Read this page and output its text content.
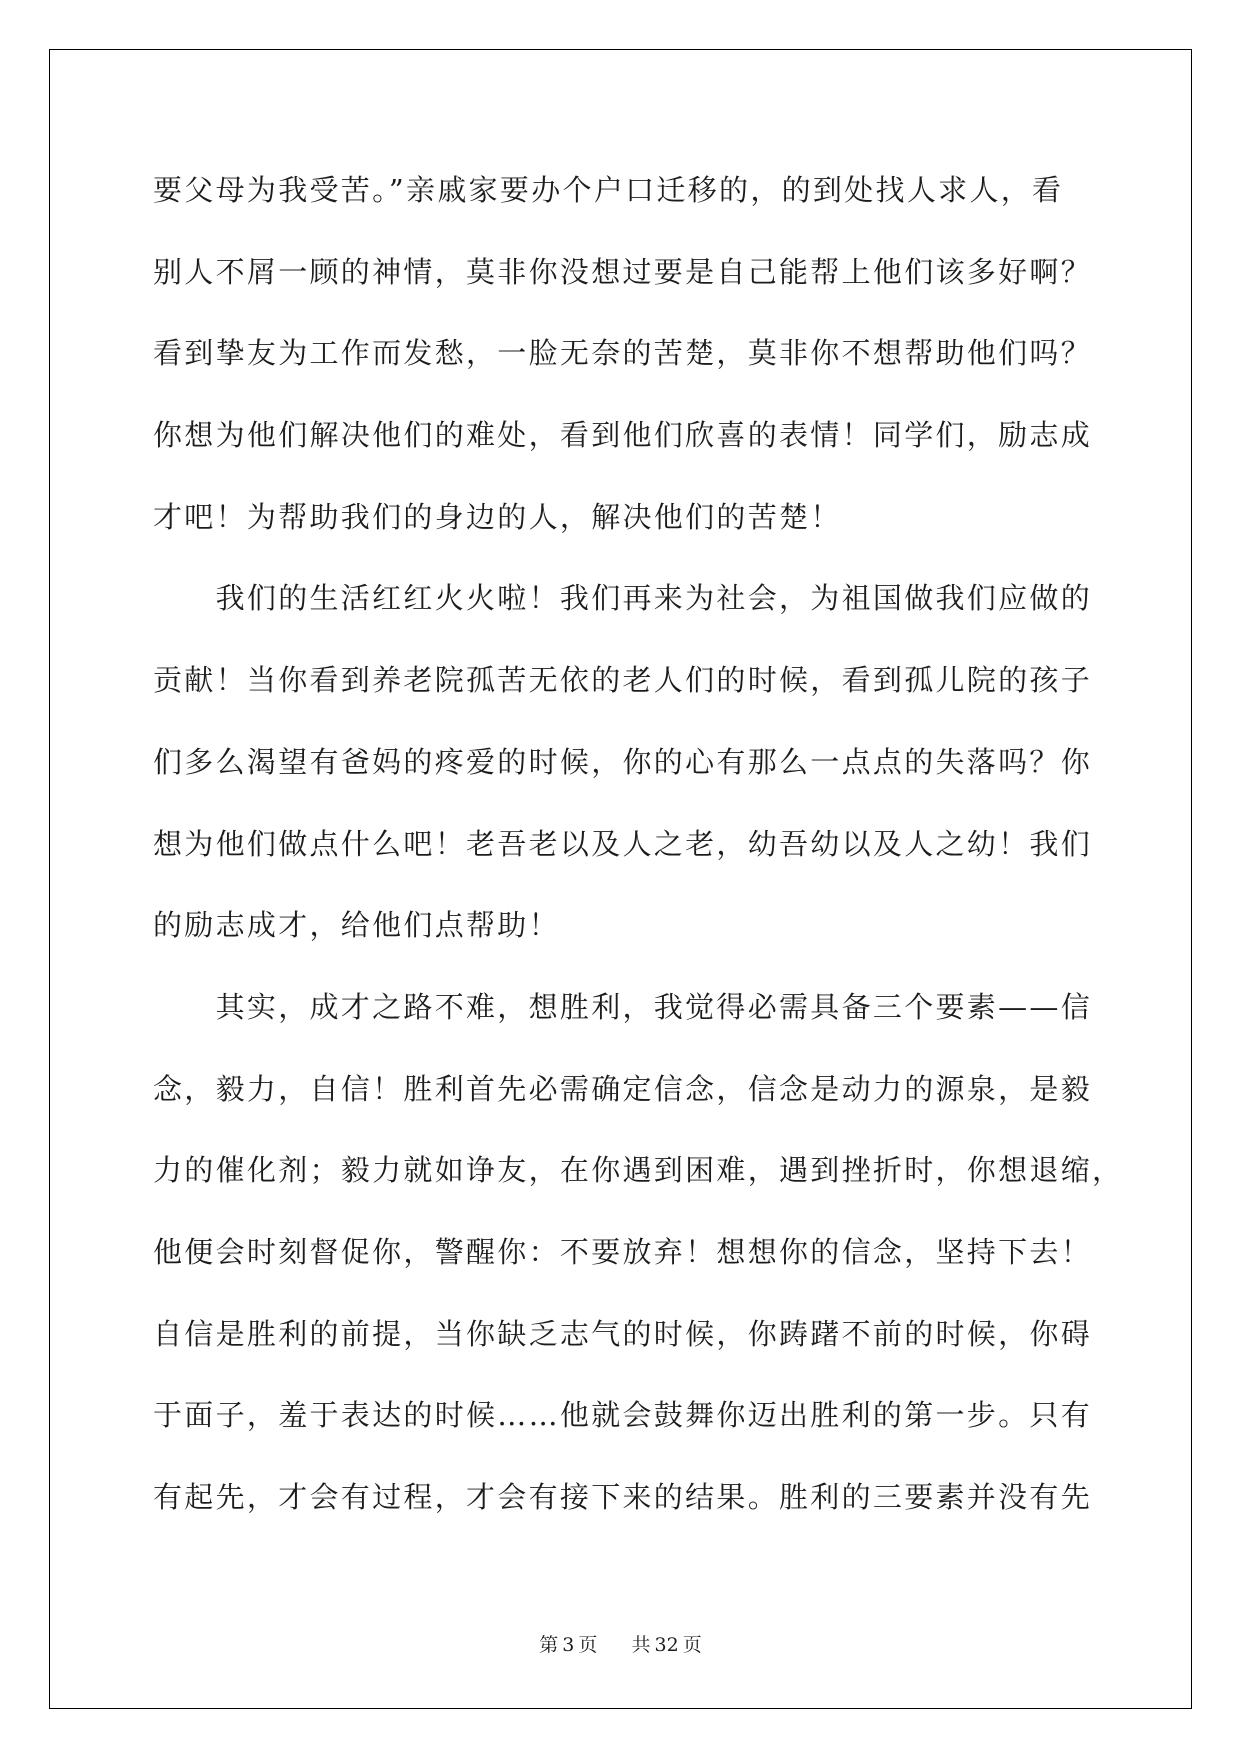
要父母为我受苦。”亲戚家要办个户口迁移的，的到处找人求人，看
别人不屑一顾的神情，莫非你没想过要是自己能帮上他们该多好啊？
看到挚友为工作而发愁，一脸无奈的苦楚，莫非你不想帮助他们吗？
你想为他们解决他们的难处，看到他们欣喜的表情！同学们，励志成
才吧！为帮助我们的身边的人，解决他们的苦楚！
我们的生活红红火火啦！我们再来为社会，为祖国做我们应做的
贡献！当你看到养老院孤苦无依的老人们的时候，看到孤儿院的孩子
们多么渴望有爸妈的疼爱的时候，你的心有那么一点点的失落吗？你
想为他们做点什么吧！老吾老以及人之老，幼吾幼以及人之幼！我们
的励志成才，给他们点帮助！
其实，成才之路不难，想胜利，我觉得必需具备三个要素——信
念，毅力，自信！胜利首先必需确定信念，信念是动力的源泉，是毅
力的催化剂；毅力就如诤友，在你遇到困难，遇到挫折时，你想退缩，
他便会时刻督促你，警醒你：不要放弃！想想你的信念，坚持下去！
自信是胜利的前提，当你缺乏志气的时候，你踌躇不前的时候，你碍
于面子，羞于表达的时候……他就会鼓舞你迈出胜利的第一步。只有
有起先，才会有过程，才会有接下来的结果。胜利的三要素并没有先
第 3 页 共 32 页
